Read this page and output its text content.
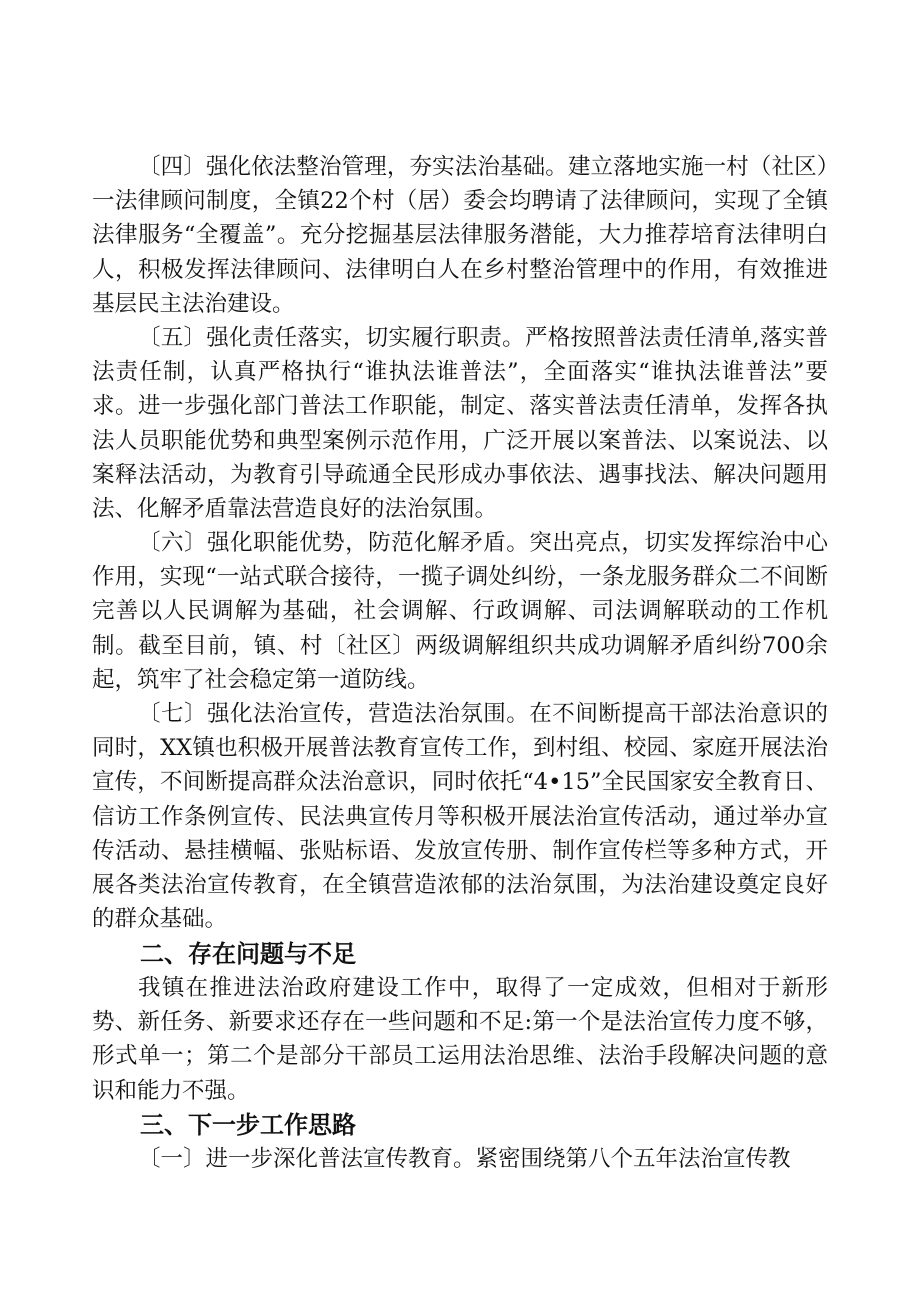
〔四〕强化依法整治管理，夯实法治基础。建立落地实施一村（社区）一法律顾问制度，全镇22个村（居）委会均聘请了法律顾问，实现了全镇法律服务“全覆盖”。充分挖掘基层法律服务潜能，大力推荐培育法律明白人，积极发挥法律顾问、法律明白人在乡村整治管理中的作用，有效推进基层民主法治建设。

〔五〕强化责任落实，切实履行职责。严格按照普法责任清单,落实普法责任制，认真严格执行“谁执法谁普法”，全面落实“谁执法谁普法”要求。进一步强化部门普法工作职能，制定、落实普法责任清单，发挥各执法人员职能优势和典型案例示范作用，广泛开展以案普法、以案说法、以案释法活动，为教育引导疏通全民形成办事依法、遇事找法、解决问题用法、化解矛盾靠法营造良好的法治氛围。

〔六〕强化职能优势，防范化解矛盾。突出亮点，切实发挥综治中心作用，实现“一站式联合接待，一揽子调处纠纷，一条龙服务群众二不间断完善以人民调解为基础，社会调解、行政调解、司法调解联动的工作机制。截至目前，镇、村〔社区〕两级调解组织共成功调解矛盾纠纷700余起，筑牢了社会稳定第一道防线。

〔七〕强化法治宣传，营造法治氛围。在不间断提高干部法治意识的同时，XX镇也积极开展普法教育宣传工作，到村组、校园、家庭开展法治宣传，不间断提高群众法治意识，同时依托“4•15”全民国家安全教育日、信访工作条例宣传、民法典宣传月等积极开展法治宣传活动，通过举办宣传活动、悬挂横幅、张贴标语、发放宣传册、制作宣传栏等多种方式，开展各类法治宣传教育，在全镇营造浓郁的法治氛围，为法治建设奠定良好的群众基础。

二、存在问题与不足

我镇在推进法治政府建设工作中，取得了一定成效，但相对于新形势、新任务、新要求还存在一些问题和不足:第一个是法治宣传力度不够，形式单一；第二个是部分干部员工运用法治思维、法治手段解决问题的意识和能力不强。

三、下一步工作思路

〔一〕进一步深化普法宣传教育。紧密围绕第八个五年法治宣传教
